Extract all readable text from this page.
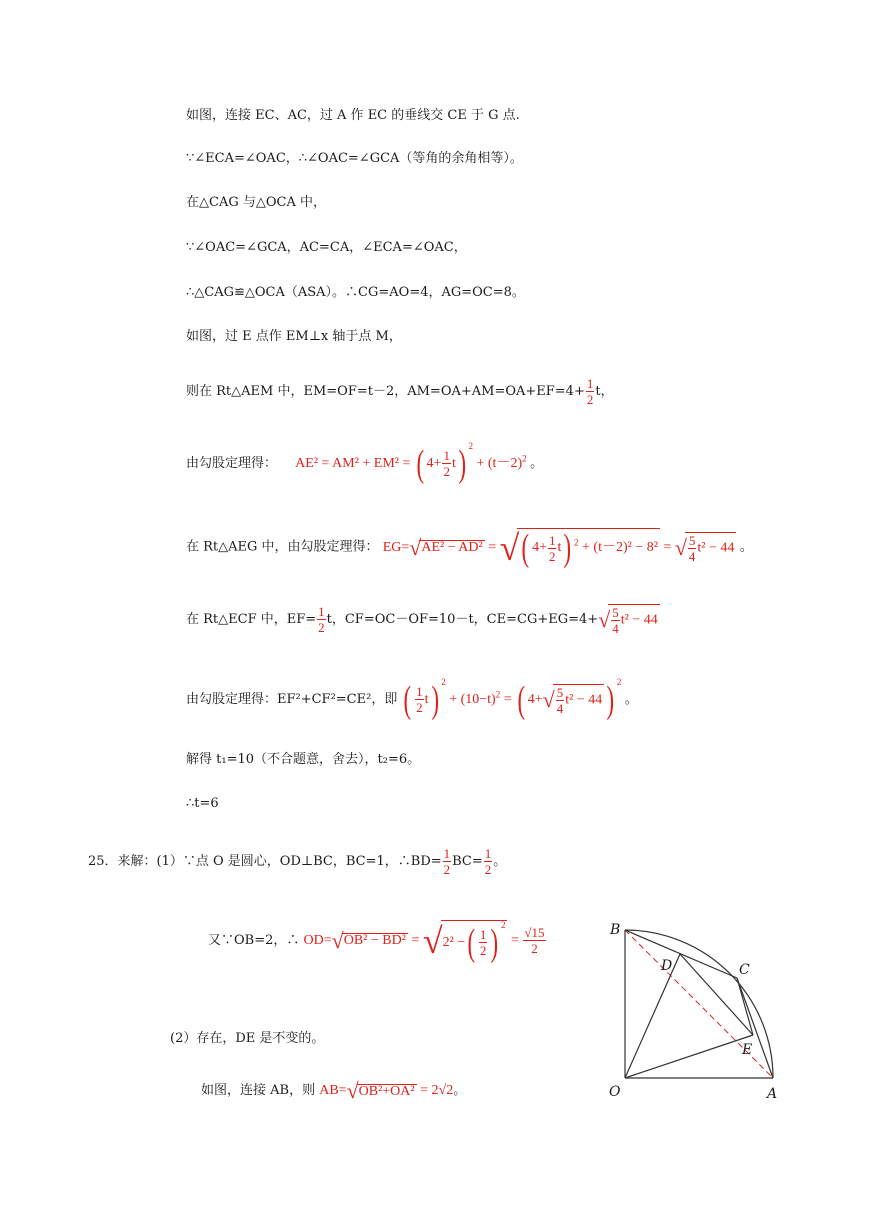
如图，连接 EC、AC，过 A 作 EC 的垂线交 CE 于 G 点.
∵∠ECA=∠OAC，∴∠OAC=∠GCA（等角的余角相等）。
在△CAG 与△OCA 中，
∵∠OAC=∠GCA，AC=CA，∠ECA=∠OAC，
∴△CAG≌△OCA（ASA）。∴CG=AO=4，AG=OC=8。
如图，过 E 点作 EM⊥x 轴于点 M，
则在 Rt△AEM 中，EM=OF=t－2，$AM=OA+AM=OA+EF=4+ \frac{1}{2}$ t，
由勾股定理得： AE² = AM² + EM² = ( $4+ \frac{1}{2} t$) $^2 + (t-2)^2$ 。
在 Rt△AEG 中，由勾股定理得： EG=√AE² − AD² = √( $4+ \frac{1}{2} t$) $^2$ + (t－2)² − 8² = √ $\frac{5}{4} t^2 - 44$ 。
在 Rt△ECF 中，$EF= \frac{1}{2}$ t，CF=OC－OF=10－t，$CE=CG+EG=4+√ \frac{5}{4} t^2 - 44$
由勾股定理得：EF²+CF²=CE²，即 ( $\frac{1}{2} t$) $^2 + (10-t)^2$ = ( $4+√ \frac{5}{4} t^2 - 44$ ) $^2$ 。
解得 t₁=10（不合题意，舍去），t₂=6。
∴t=6
25．来解：(1）∵点 O 是圆心，OD⊥BC，BC=1，∴BD= $\frac{1}{2} BC= \frac{1}{2}$ 。
又∵OB=2，∴ OD=√OB² − BD² = √2² −( $\frac{1}{2}$ ) $^2 = \frac{√15}{2}$
(2）存在，DE 是不变的。
如图，连接 AB，则 AB=√OB²+OA² = 2√2。
B
D	C
E
O	A
